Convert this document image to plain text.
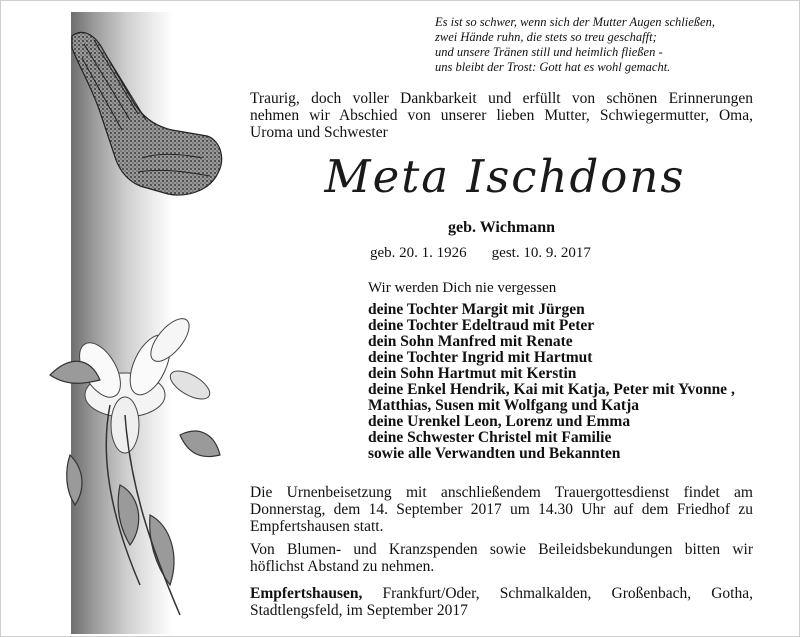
Es ist so schwer, wenn sich der Mutter Augen schließen,
zwei Hände ruhn, die stets so treu geschafft;
und unsere Tränen still und heimlich fließen -
uns bleibt der Trost: Gott hat es wohl gemacht.
Traurig, doch voller Dankbarkeit und erfüllt von schönen Erinnerungen
nehmen wir Abschied von unserer lieben Mutter, Schwiegermutter, Oma,
Uroma und Schwester
Meta Ischdons
geb. Wichmann
geb. 20. 1. 1926 gest. 10. 9. 2017
Wir werden Dich nie vergessen
deine Tochter Margit mit Jürgen
deine Tochter Edeltraud mit Peter
dein Sohn Manfred mit Renate
deine Tochter Ingrid mit Hartmut
dein Sohn Hartmut mit Kerstin
deine Enkel Hendrik, Kai mit Katja, Peter mit Yvonne ,
Matthias, Susen mit Wolfgang und Katja
deine Urenkel Leon, Lorenz und Emma
deine Schwester Christel mit Familie
sowie alle Verwandten und Bekannten
Die Urnenbeisetzung mit anschließendem Trauergottesdienst findet am
Donnerstag, dem 14. September 2017 um 14.30 Uhr auf dem Friedhof zu
Empfertshausen statt.
Von Blumen- und Kranzspenden sowie Beileidsbekundungen bitten wir
höflichst Abstand zu nehmen.
Empfertshausen, Frankfurt/Oder, Schmalkalden, Großenbach, Gotha,
Stadtlengsfeld, im September 2017
